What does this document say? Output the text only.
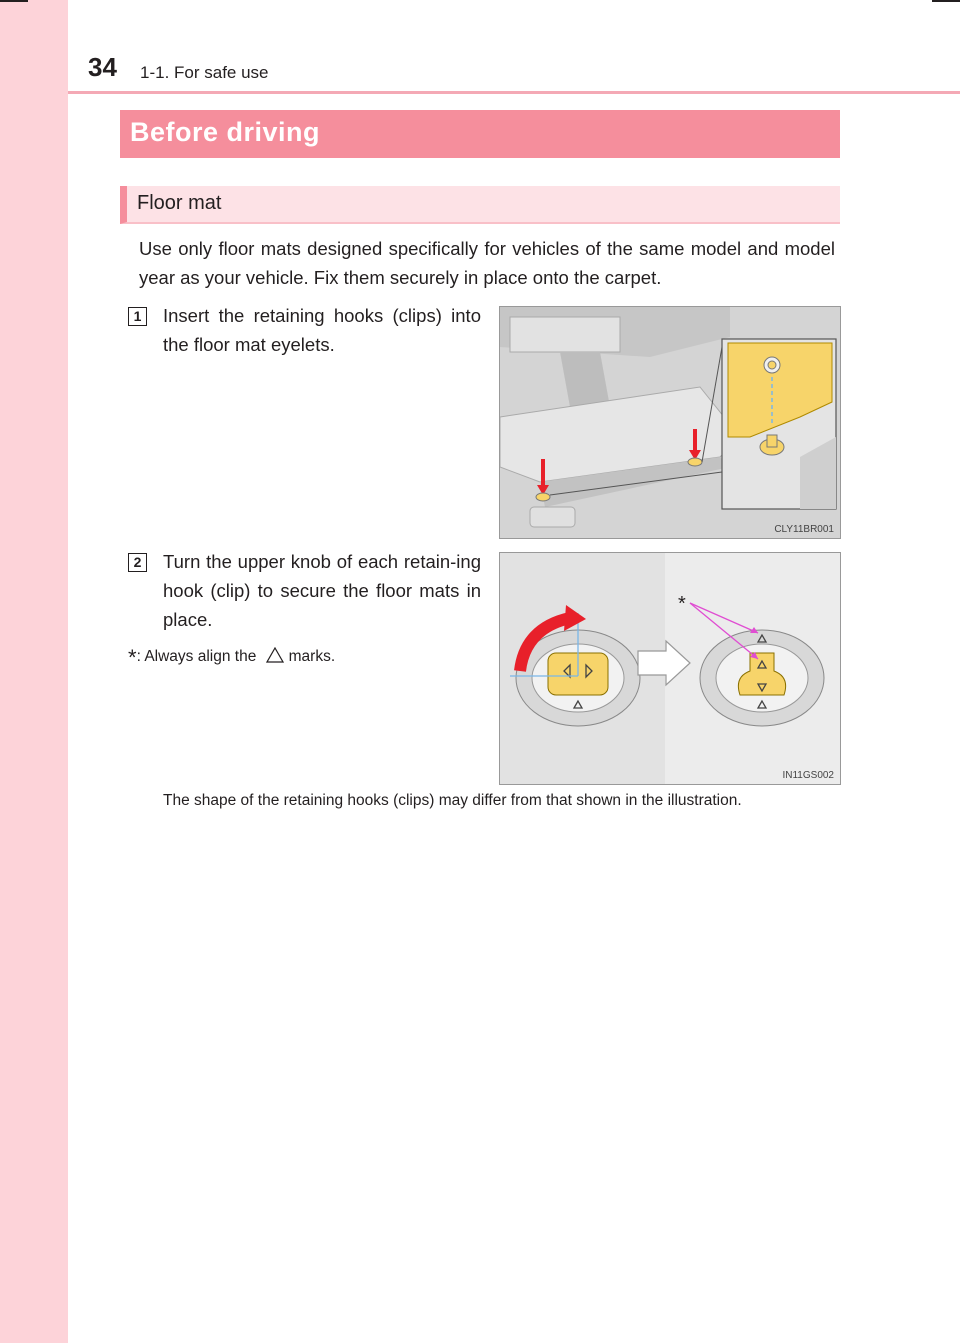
34 1-1. For safe use
Before driving
Floor mat
Use only floor mats designed specifically for vehicles of the same model and model year as your vehicle. Fix them securely in place onto the carpet.
1	Insert the retaining hooks (clips) into the floor mat eyelets.
CLY11BR001
2	Turn the upper knob of each retain-ing hook (clip) to secure the floor mats in place.
*: Always align the marks.
*
IN11GS002
The shape of the retaining hooks (clips) may differ from that shown in the illustration.
